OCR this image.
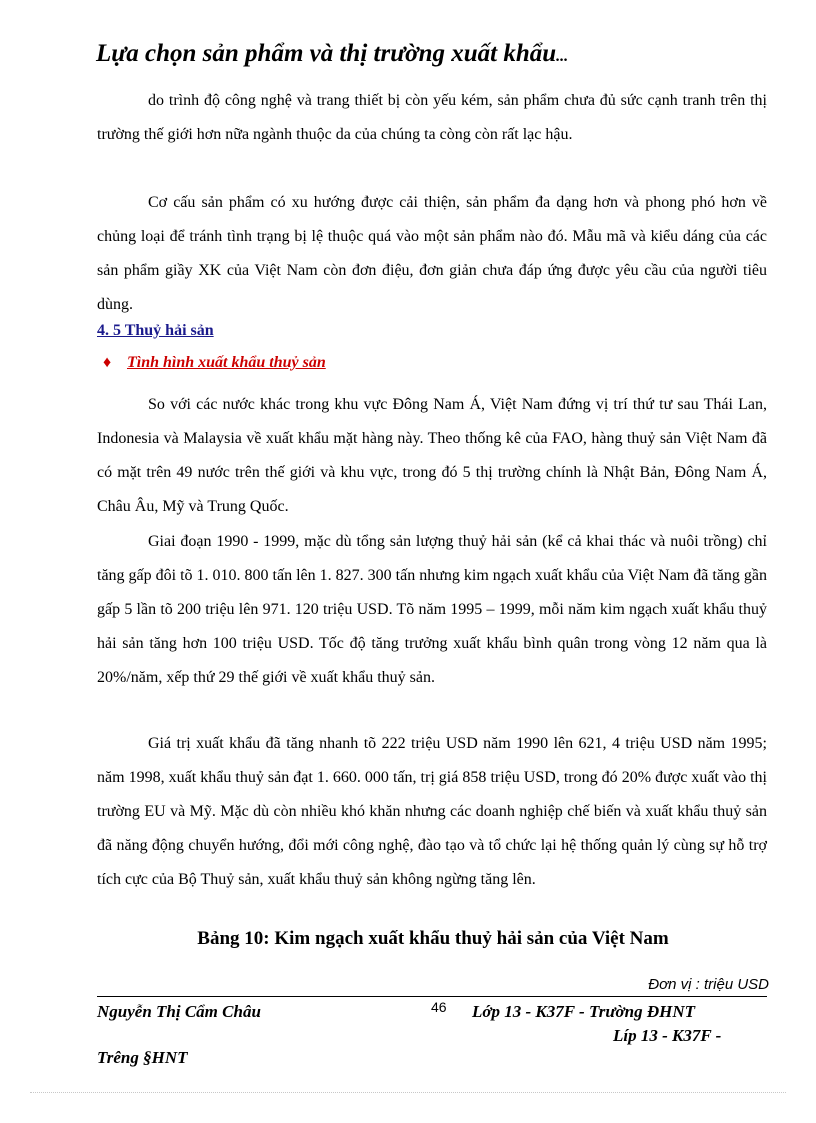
Lựa chọn sản phẩm và thị trường xuất khẩu...

do trình độ công nghệ và trang thiết bị còn yếu kém, sản phẩm chưa đủ sức cạnh tranh trên thị trường thế giới hơn nữa ngành thuộc da của chúng ta còng còn rất lạc hậu.

Cơ cấu sản phẩm có xu hướng được cải thiện, sản phẩm đa dạng hơn và phong phó hơn về chủng loại để tránh tình trạng bị lệ thuộc quá vào một sản phẩm nào đó. Mẫu mã và kiểu dáng của các sản phẩm giầy XK của Việt Nam còn đơn điệu, đơn giản chưa đáp ứng được yêu cầu của người tiêu dùng.

4. 5 Thuỷ hải sản
♦ Tình hình xuất khẩu thuỷ sản

So với các nước khác trong khu vực Đông Nam Á, Việt Nam đứng vị trí thứ tư sau Thái Lan, Indonesia và Malaysia về xuất khẩu mặt hàng này. Theo thống kê của FAO, hàng thuỷ sản Việt Nam đã có mặt trên 49 nước trên thế giới và khu vực, trong đó 5 thị trường chính là Nhật Bản, Đông Nam Á, Châu Âu, Mỹ và Trung Quốc.

Giai đoạn 1990 - 1999, mặc dù tổng sản lượng thuỷ hải sản (kể cả khai thác và nuôi trồng) chỉ tăng gấp đôi tõ 1. 010. 800 tấn lên 1. 827. 300 tấn nhưng kim ngạch xuất khẩu của Việt Nam đã tăng gần gấp 5 lần tõ 200 triệu lên 971. 120 triệu USD. Tõ năm 1995 – 1999, mỗi năm kim ngạch xuất khẩu thuỷ hải sản tăng hơn 100 triệu USD. Tốc độ tăng trưởng xuất khẩu bình quân trong vòng 12 năm qua là 20%/năm, xếp thứ 29 thế giới về xuất khẩu thuỷ sản.

Giá trị xuất khẩu đã tăng nhanh tõ 222 triệu USD năm 1990 lên 621, 4 triệu USD năm 1995; năm 1998, xuất khẩu thuỷ sản đạt 1. 660. 000 tấn, trị giá 858 triệu USD, trong đó 20% được xuất vào thị trường EU và Mỹ. Mặc dù còn nhiều khó khăn nhưng các doanh nghiệp chế biến và xuất khẩu thuỷ sản đã năng động chuyển hướng, đổi mới công nghệ, đào tạo và tổ chức lại hệ thống quản lý cùng sự hỗ trợ tích cực của Bộ Thuỷ sản, xuất khẩu thuỷ sản không ngừng tăng lên.

Bảng 10: Kim ngạch xuất khẩu thuỷ hải sản của Việt Nam
Đơn vị : triệu USD
46
Nguyễn Thị Cẩm Châu	Lớp 13 - K37F - Trường ĐHNT
Líp 13 - K37F -
Trêng §HNT
